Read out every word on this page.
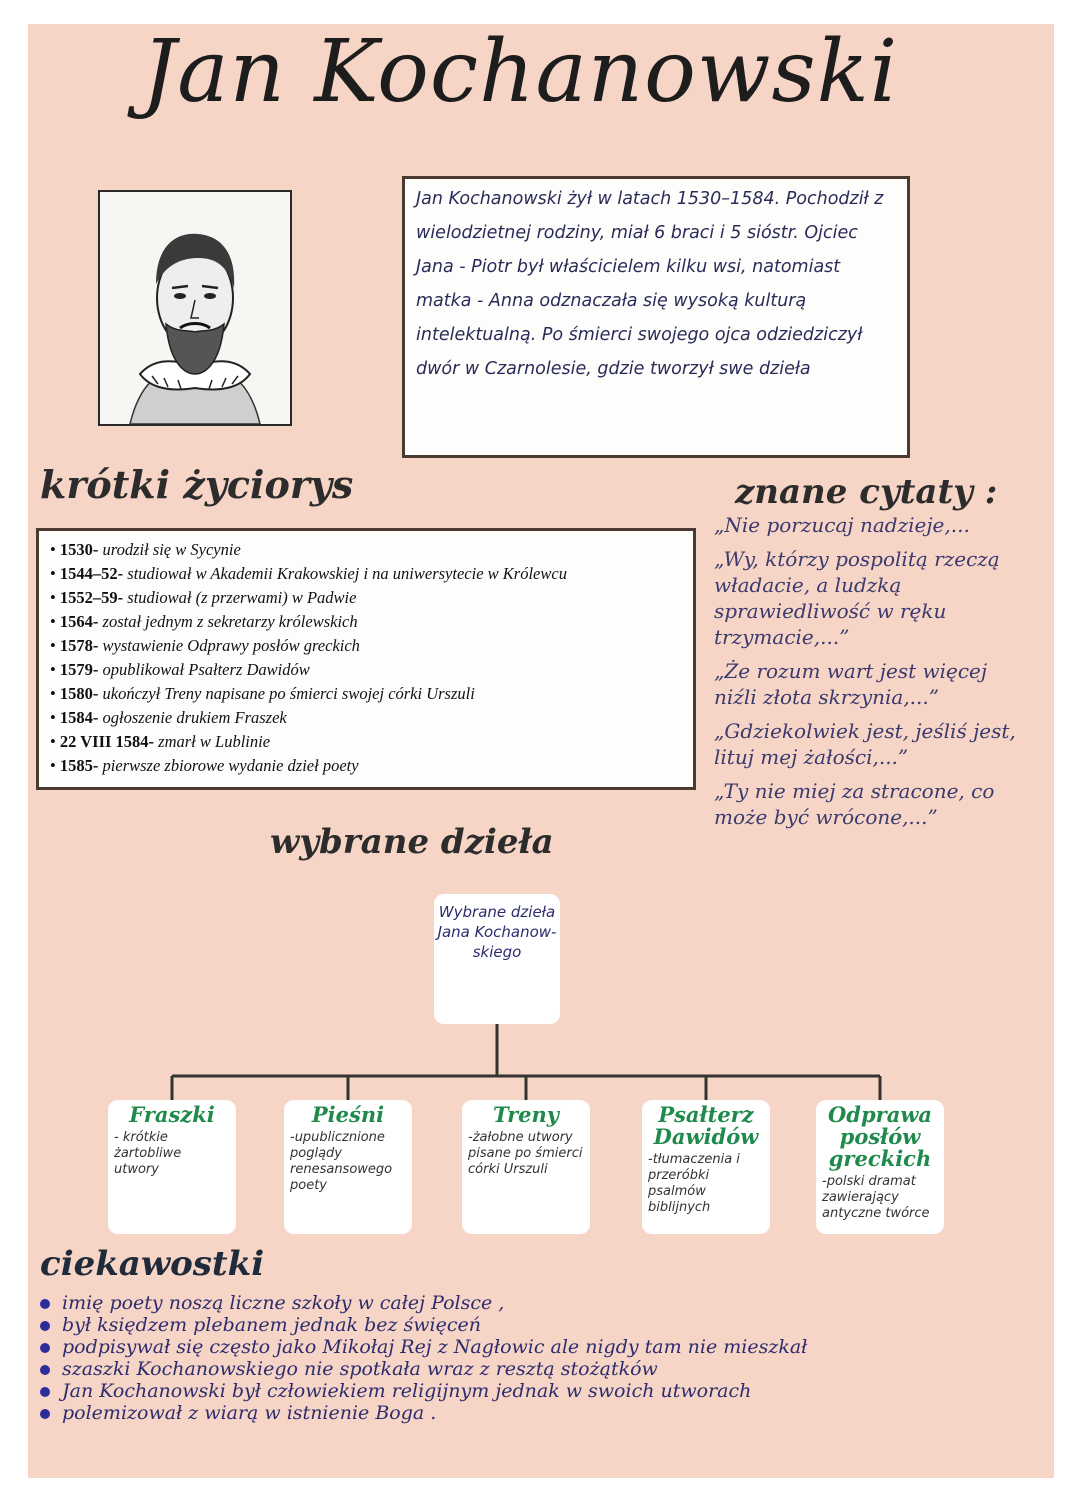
Jan Kochanowski

Jan Kochanowski żył w latach 1530–1584. Pochodził z wielodzietnej rodziny, miał 6 braci i 5 sióstr. Ojciec Jana - Piotr był właścicielem kilku wsi, natomiast matka - Anna odznaczała się wysoką kulturą intelektualną. Po śmierci swojego ojca odziedziczył dwór w Czarnolesie, gdzie tworzył swe dzieła

krótki życiorys	znane cytaty :
• 1530- urodził się w Sycynie
• 1544–52- studiował w Akademii Krakowskiej i na uniwersytecie w Królewcu
• 1552–59- studiował (z przerwami) w Padwie
• 1564- został jednym z sekretarzy królewskich
• 1578- wystawienie Odprawy posłów greckich
• 1579- opublikował Psałterz Dawidów
• 1580- ukończył Treny napisane po śmierci swojej córki Urszuli
• 1584- ogłoszenie drukiem Fraszek
• 22 VIII 1584- zmarł w Lublinie
• 1585- pierwsze zbiorowe wydanie dzieł poety

„Nie porzucaj nadzieje,...

„Wy, którzy pospolitą rzeczą władacie, a ludzką sprawiedliwość w ręku trzymacie,...”

„Że rozum wart jest więcej niźli złota skrzynia,...”

„Gdziekolwiek jest, jeśliś jest, lituj mej żałości,...”

„Ty nie miej za stracone, co może być wrócone,...”

wybrane dzieła
Wybrane dzieła Jana Kochanow-skiego
Fraszki
- krótkie żartobliwe utwory
Pieśni
-upublicznione poglądy renesansowego poety
Treny
-żałobne utwory pisane po śmierci córki Urszuli
Psałterz Dawidów
-tłumaczenia i przeróbki psalmów biblijnych
Odprawa posłów greckich
-polski dramat zawierający antyczne twórce
ciekawostki
imię poety noszą liczne szkoły w całej Polsce ,
był księdzem plebanem jednak bez święceń
podpisywał się często jako Mikołaj Rej z Nagłowic ale nigdy tam nie mieszkał
szaszki Kochanowskiego nie spotkała wraz z resztą stożątków
Jan Kochanowski był człowiekiem religijnym jednak w swoich utworach
polemizował z wiarą w istnienie Boga .
